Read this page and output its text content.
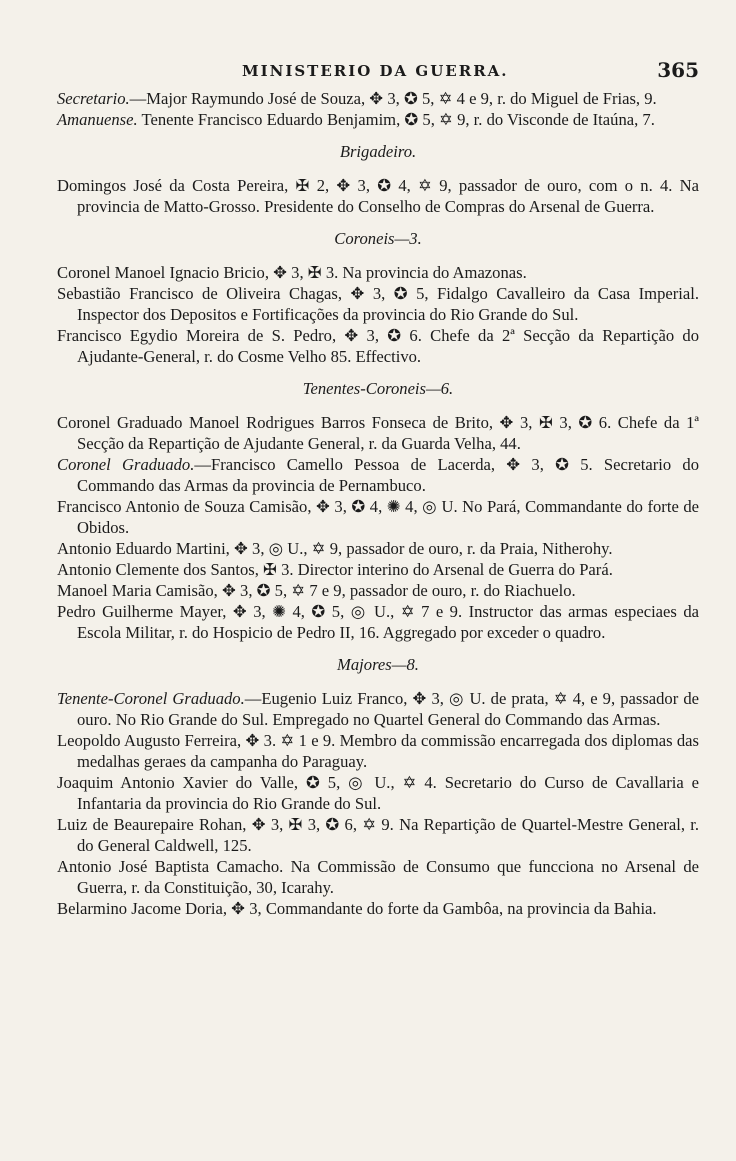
MINISTERIO DA GUERRA.	365
Secretario.—Major Raymundo José de Souza, ✥ 3, ✪ 5, ✡ 4 e 9, r. do Miguel de Frias, 9.
Amanuense. Tenente Francisco Eduardo Benjamim, ✪ 5, ✡ 9, r. do Visconde de Itaúna, 7.
Brigadeiro.
Domingos José da Costa Pereira, ✠ 2, ✥ 3, ✪ 4, ✡ 9, passador de ouro, com o n. 4. Na provincia de Matto-Grosso. Presidente do Conselho de Compras do Arsenal de Guerra.
Coroneis—3.
Coronel Manoel Ignacio Bricio, ✥ 3, ✠ 3. Na provincia do Amazonas.
Sebastião Francisco de Oliveira Chagas, ✥ 3, ✪ 5, Fidalgo Cavalleiro da Casa Imperial. Inspector dos Depositos e Fortificações da provincia do Rio Grande do Sul.
Francisco Egydio Moreira de S. Pedro, ✥ 3, ✪ 6. Chefe da 2ª Secção da Repartição do Ajudante-General, r. do Cosme Velho 85. Effectivo.
Tenentes-Coroneis—6.
Coronel Graduado Manoel Rodrigues Barros Fonseca de Brito, ✥ 3, ✠ 3, ✪ 6. Chefe da 1ª Secção da Repartição de Ajudante General, r. da Guarda Velha, 44.
Coronel Graduado.—Francisco Camello Pessoa de Lacerda, ✥ 3, ✪ 5. Secretario do Commando das Armas da provincia de Pernambuco.
Francisco Antonio de Souza Camisão, ✥ 3, ✪ 4, ✺ 4, ◎ U. No Pará, Commandante do forte de Obidos.
Antonio Eduardo Martini, ✥ 3, ◎ U., ✡ 9, passador de ouro, r. da Praia, Nitherohy.
Antonio Clemente dos Santos, ✠ 3. Director interino do Arsenal de Guerra do Pará.
Manoel Maria Camisão, ✥ 3, ✪ 5, ✡ 7 e 9, passador de ouro, r. do Riachuelo.
Pedro Guilherme Mayer, ✥ 3, ✺ 4, ✪ 5, ◎ U., ✡ 7 e 9. Instructor das armas especiaes da Escola Militar, r. do Hospicio de Pedro II, 16. Aggregado por exceder o quadro.
Majores—8.
Tenente-Coronel Graduado.—Eugenio Luiz Franco, ✥ 3, ◎ U. de prata, ✡ 4, e 9, passador de ouro. No Rio Grande do Sul. Empregado no Quartel General do Commando das Armas.
Leopoldo Augusto Ferreira, ✥ 3. ✡ 1 e 9. Membro da commissão encarregada dos diplomas das medalhas geraes da campanha do Paraguay.
Joaquim Antonio Xavier do Valle, ✪ 5, ◎ U., ✡ 4. Secretario do Curso de Cavallaria e Infantaria da provincia do Rio Grande do Sul.
Luiz de Beaurepaire Rohan, ✥ 3, ✠ 3, ✪ 6, ✡ 9. Na Repartição de Quartel-Mestre General, r. do General Caldwell, 125.
Antonio José Baptista Camacho. Na Commissão de Consumo que funcciona no Arsenal de Guerra, r. da Constituição, 30, Icarahy.
Belarmino Jacome Doria, ✥ 3, Commandante do forte da Gambôa, na provincia da Bahia.
